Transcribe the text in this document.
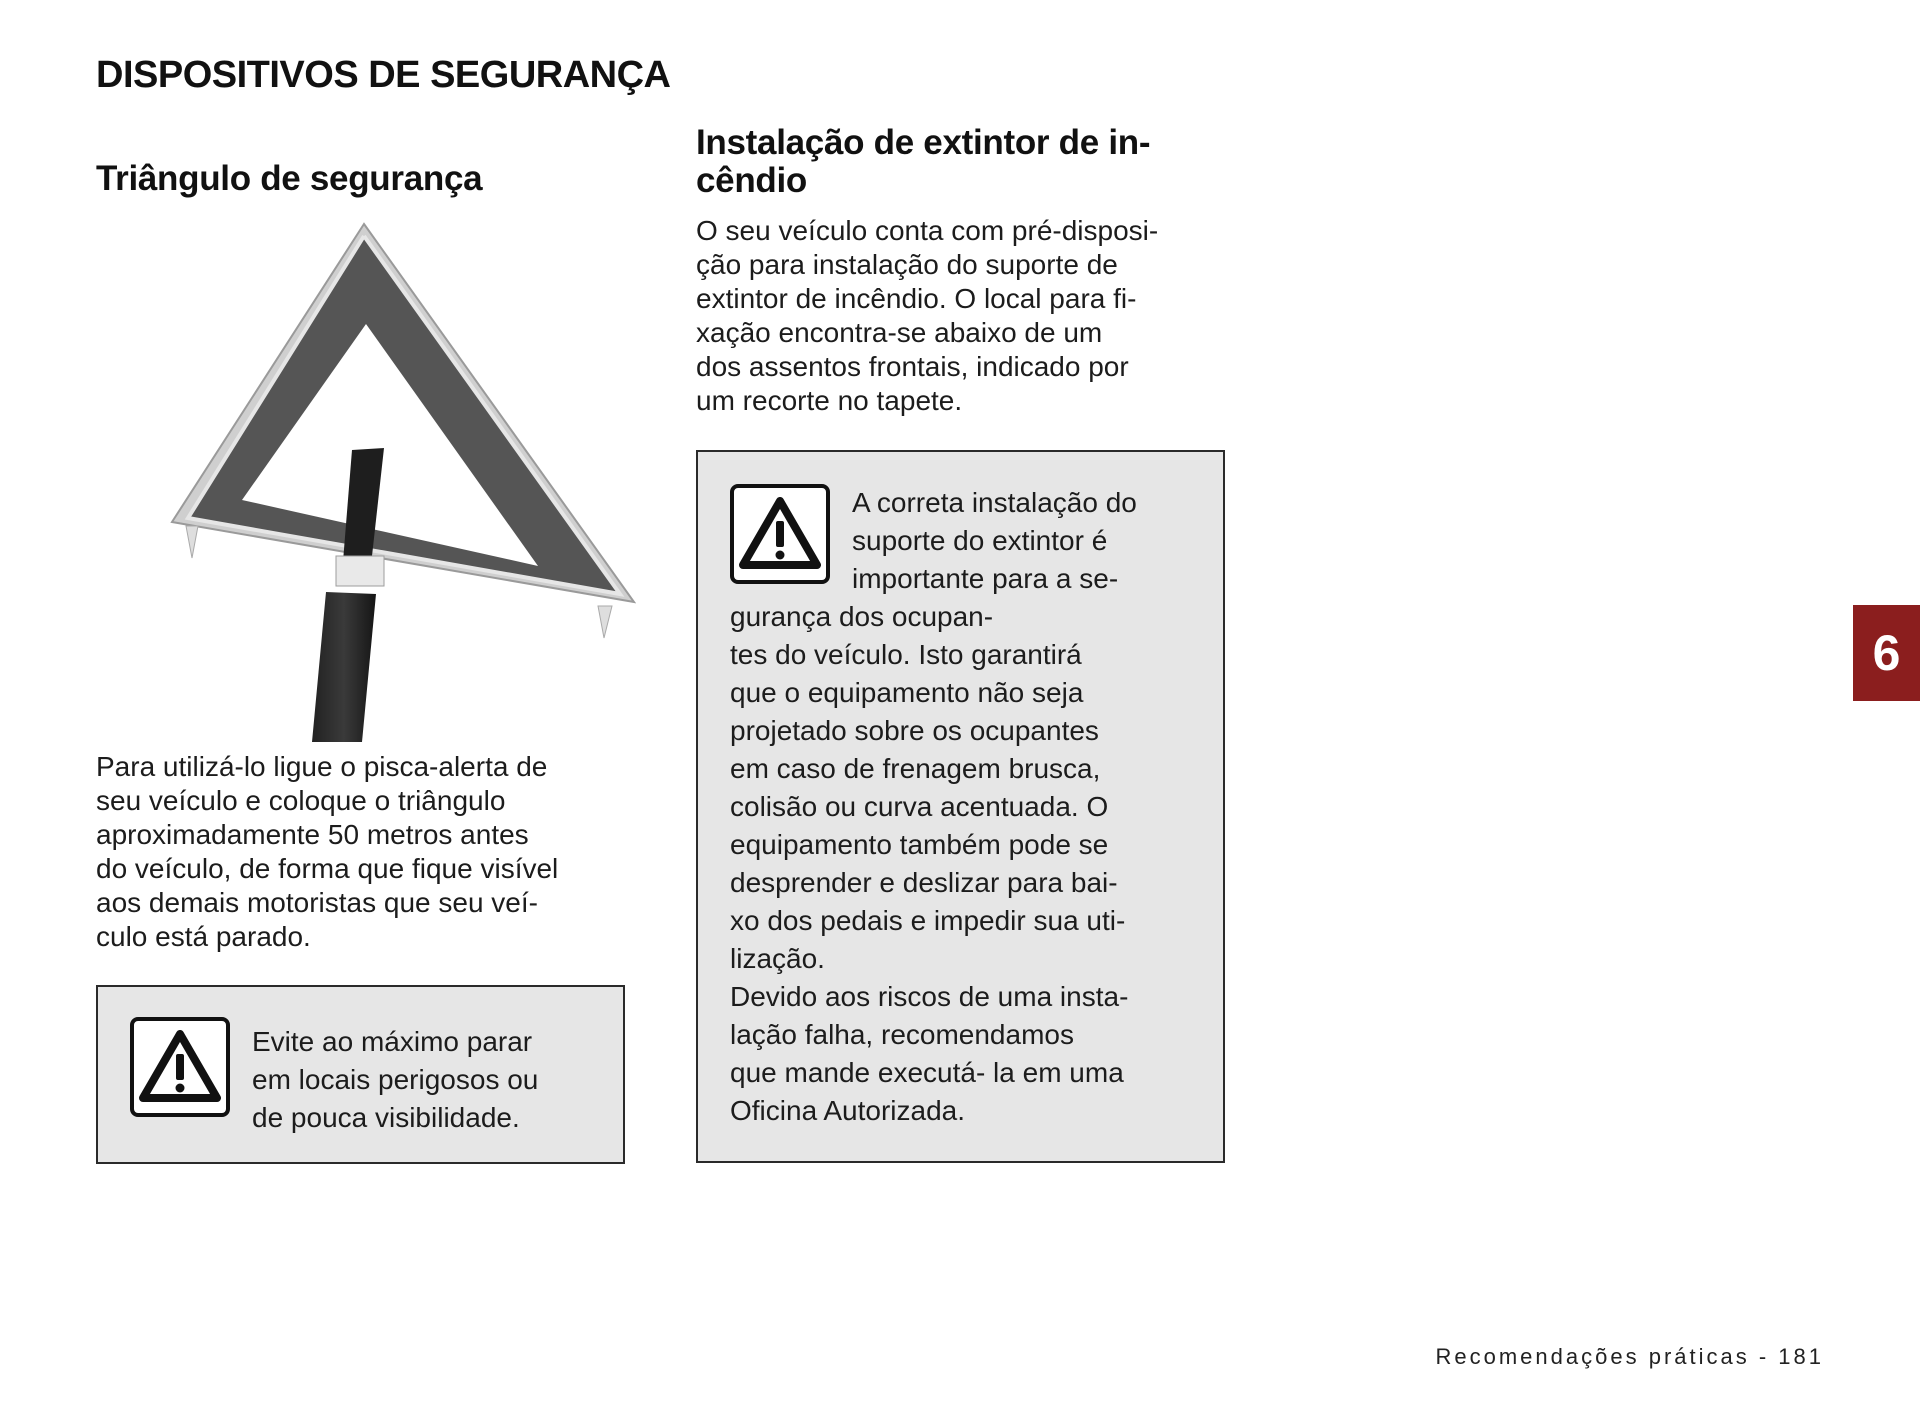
DISPOSITIVOS DE SEGURANÇA
Triângulo de segurança

Para utilizá-lo ligue o pisca-alerta de
seu veículo e coloque o triângulo
aproximadamente 50 metros antes
do veículo, de forma que fique visível
aos demais motoristas que seu veí-
culo está parado.

Evite ao máximo parar
em locais perigosos ou
de pouca visibilidade.

Instalação de extintor de in-
cêndio

O seu veículo conta com pré-disposi-
ção para instalação do suporte de
extintor de incêndio. O local para fi-
xação encontra-se abaixo de um
dos assentos frontais, indicado por
um recorte no tapete.

A correta instalação do
suporte do extintor é
importante para a se-
gurança dos ocupan-
tes do veículo. Isto garantirá
que o equipamento não seja
projetado sobre os ocupantes
em caso de frenagem brusca,
colisão ou curva acentuada. O
equipamento também pode se
desprender e deslizar para bai-
xo dos pedais e impedir sua uti-
lização.
Devido aos riscos de uma insta-
lação falha, recomendamos
que mande executá- la em uma
Oficina Autorizada.

6
Recomendações práticas - 181
